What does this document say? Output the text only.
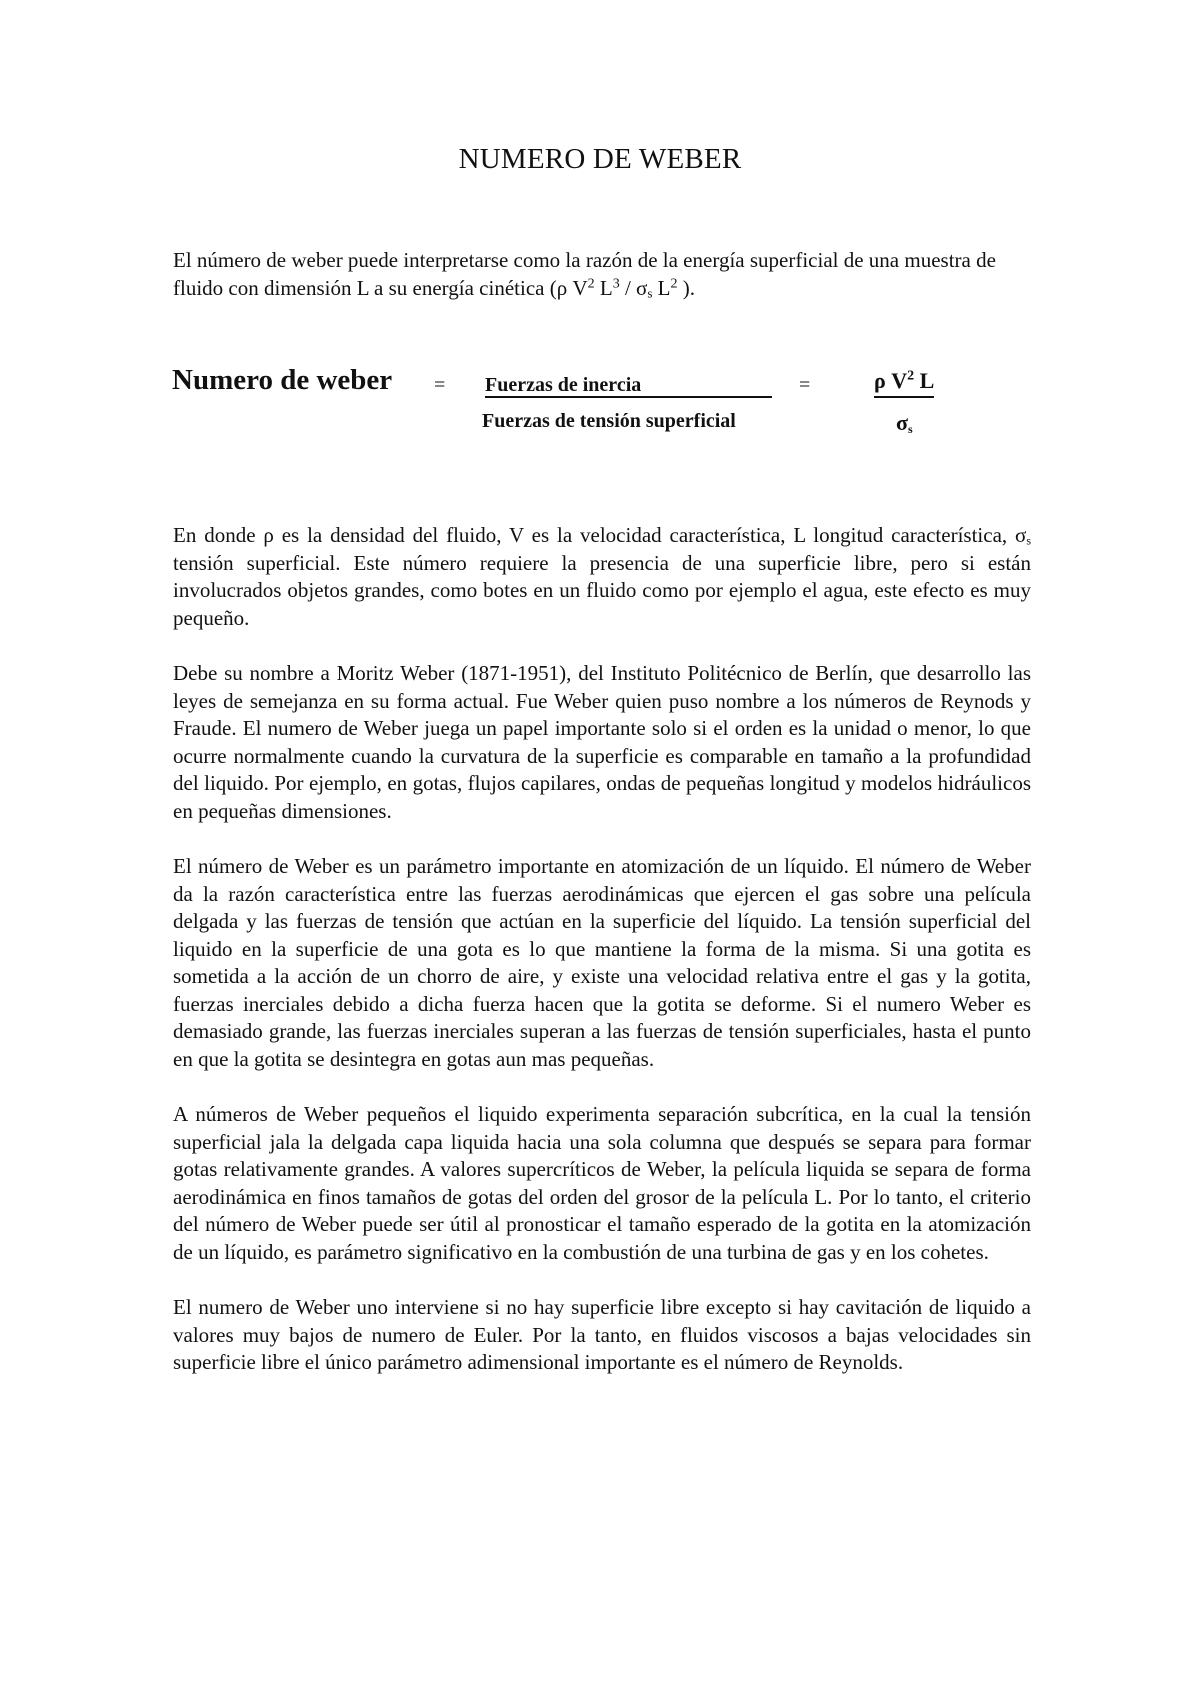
NUMERO DE WEBER
El número de weber puede interpretarse como la razón de la energía superficial de una muestra de fluido con dimensión L a su energía cinética (ρ $V^2$ $L^3 / \sigma_s$ $L^2$ ).
Numero de weber = Fuerzas de inercia
Fuerzas de tensión superficial
=	ρ $V^2$ L
$\sigma_s$

En donde ρ es la densidad del fluido, V es la velocidad característica, L longitud característica, $\sigma_s$ tensión superficial. Este número requiere la presencia de una superficie libre, pero si están involucrados objetos grandes, como botes en un fluido como por ejemplo el agua, este efecto es muy pequeño.

Debe su nombre a Moritz Weber (1871-1951), del Instituto Politécnico de Berlín, que desarrollo las leyes de semejanza en su forma actual. Fue Weber quien puso nombre a los números de Reynods y Fraude. El numero de Weber juega un papel importante solo si el orden es la unidad o menor, lo que ocurre normalmente cuando la curvatura de la superficie es comparable en tamaño a la profundidad del liquido. Por ejemplo, en gotas, flujos capilares, ondas de pequeñas longitud y modelos hidráulicos en pequeñas dimensiones.

El número de Weber es un parámetro importante en atomización de un líquido. El número de Weber da la razón característica entre las fuerzas aerodinámicas que ejercen el gas sobre una película delgada y las fuerzas de tensión que actúan en la superficie del líquido. La tensión superficial del liquido en la superficie de una gota es lo que mantiene la forma de la misma. Si una gotita es sometida a la acción de un chorro de aire, y existe una velocidad relativa entre el gas y la gotita, fuerzas inerciales debido a dicha fuerza hacen que la gotita se deforme. Si el numero Weber es demasiado grande, las fuerzas inerciales superan a las fuerzas de tensión superficiales, hasta el punto en que la gotita se desintegra en gotas aun mas pequeñas.

A números de Weber pequeños el liquido experimenta separación subcrítica, en la cual la tensión superficial jala la delgada capa liquida hacia una sola columna que después se separa para formar gotas relativamente grandes. A valores supercríticos de Weber, la película liquida se separa de forma aerodinámica en finos tamaños de gotas del orden del grosor de la película L. Por lo tanto, el criterio del número de Weber puede ser útil al pronosticar el tamaño esperado de la gotita en la atomización de un líquido, es parámetro significativo en la combustión de una turbina de gas y en los cohetes.

El numero de Weber uno interviene si no hay superficie libre excepto si hay cavitación de liquido a valores muy bajos de numero de Euler. Por la tanto, en fluidos viscosos a bajas velocidades sin superficie libre el único parámetro adimensional importante es el número de Reynolds.
